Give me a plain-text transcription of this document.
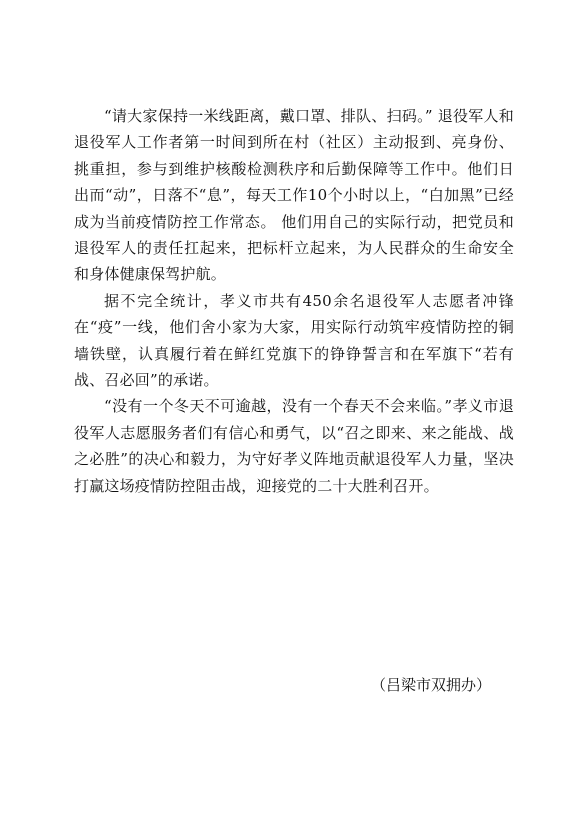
“请大家保持一米线距离，戴口罩、排队、扫码。” 退役军人和退役军人工作者第一时间到所在村（社区）主动报到、亮身份、挑重担，参与到维护核酸检测秩序和后勤保障等工作中。他们日出而“动”，日落不“息”，每天工作10个小时以上，“白加黑”已经成为当前疫情防控工作常态。 他们用自己的实际行动，把党员和退役军人的责任扛起来，把标杆立起来，为人民群众的生命安全和身体健康保驾护航。

据不完全统计，孝义市共有450余名退役军人志愿者冲锋在“疫”一线，他们舍小家为大家，用实际行动筑牢疫情防控的铜墙铁壁，认真履行着在鲜红党旗下的铮铮誓言和在军旗下“若有战、召必回”的承诺。

“没有一个冬天不可逾越，没有一个春天不会来临。”孝义市退役军人志愿服务者们有信心和勇气，以“召之即来、来之能战、战之必胜”的决心和毅力，为守好孝义阵地贡献退役军人力量，坚决打赢这场疫情防控阻击战，迎接党的二十大胜利召开。

（吕梁市双拥办）
